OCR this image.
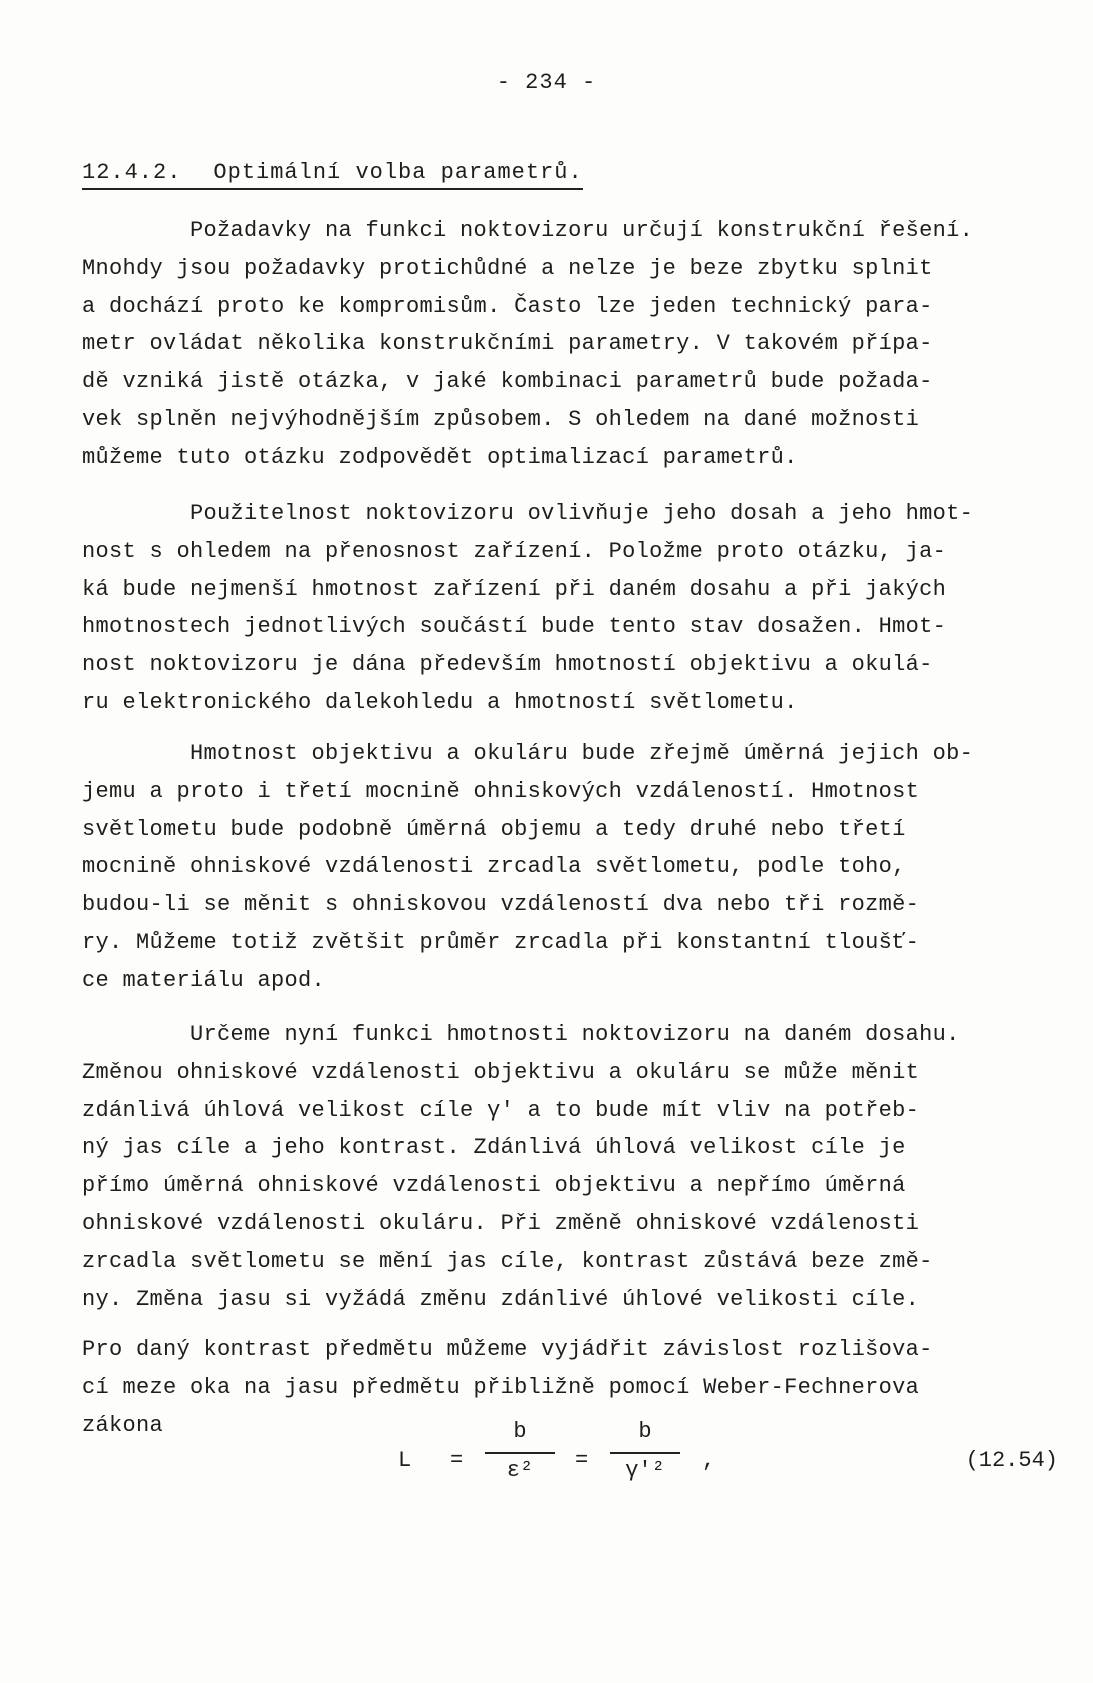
- 234 -
12.4.2. Optimální volba parametrů.
Požadavky na funkci noktovizoru určují konstrukční řešení.
Mnohdy jsou požadavky protichůdné a nelze je beze zbytku splnit
a dochází proto ke kompromisům. Často lze jeden technický para-
metr ovládat několika konstrukčními parametry. V takovém přípa-
dě vzniká jistě otázka, v jaké kombinaci parametrů bude požada-
vek splněn nejvýhodnějším způsobem. S ohledem na dané možnosti
můžeme tuto otázku zodpovědět optimalizací parametrů.
Použitelnost noktovizoru ovlivňuje jeho dosah a jeho hmot-
nost s ohledem na přenosnost zařízení. Položme proto otázku, ja-
ká bude nejmenší hmotnost zařízení při daném dosahu a při jakých
hmotnostech jednotlivých součástí bude tento stav dosažen. Hmot-
nost noktovizoru je dána především hmotností objektivu a okulá-
ru elektronického dalekohledu a hmotností světlometu.
Hmotnost objektivu a okuláru bude zřejmě úměrná jejich ob-
jemu a proto i třetí mocnině ohniskových vzdáleností. Hmotnost
světlometu bude podobně úměrná objemu a tedy druhé nebo třetí
mocnině ohniskové vzdálenosti zrcadla světlometu, podle toho,
budou-li se měnit s ohniskovou vzdáleností dva nebo tři rozmě-
ry. Můžeme totiž zvětšit průměr zrcadla při konstantní tloušť-
ce materiálu apod.
Určeme nyní funkci hmotnosti noktovizoru na daném dosahu.
Změnou ohniskové vzdálenosti objektivu a okuláru se může měnit
zdánlivá úhlová velikost cíle γ' a to bude mít vliv na potřeb-
ný jas cíle a jeho kontrast. Zdánlivá úhlová velikost cíle je
přímo úměrná ohniskové vzdálenosti objektivu a nepřímo úměrná
ohniskové vzdálenosti okuláru. Při změně ohniskové vzdálenosti
zrcadla světlometu se mění jas cíle, kontrast zůstává beze změ-
ny. Změna jasu si vyžádá změnu zdánlivé úhlové velikosti cíle.
Pro daný kontrast předmětu můžeme vyjádřit závislost rozlišova-
cí meze oka na jasu předmětu přibližně pomocí Weber-Fechnerova
zákona
L =
b
ε²	=
b
γ'²	,	(12.54)
